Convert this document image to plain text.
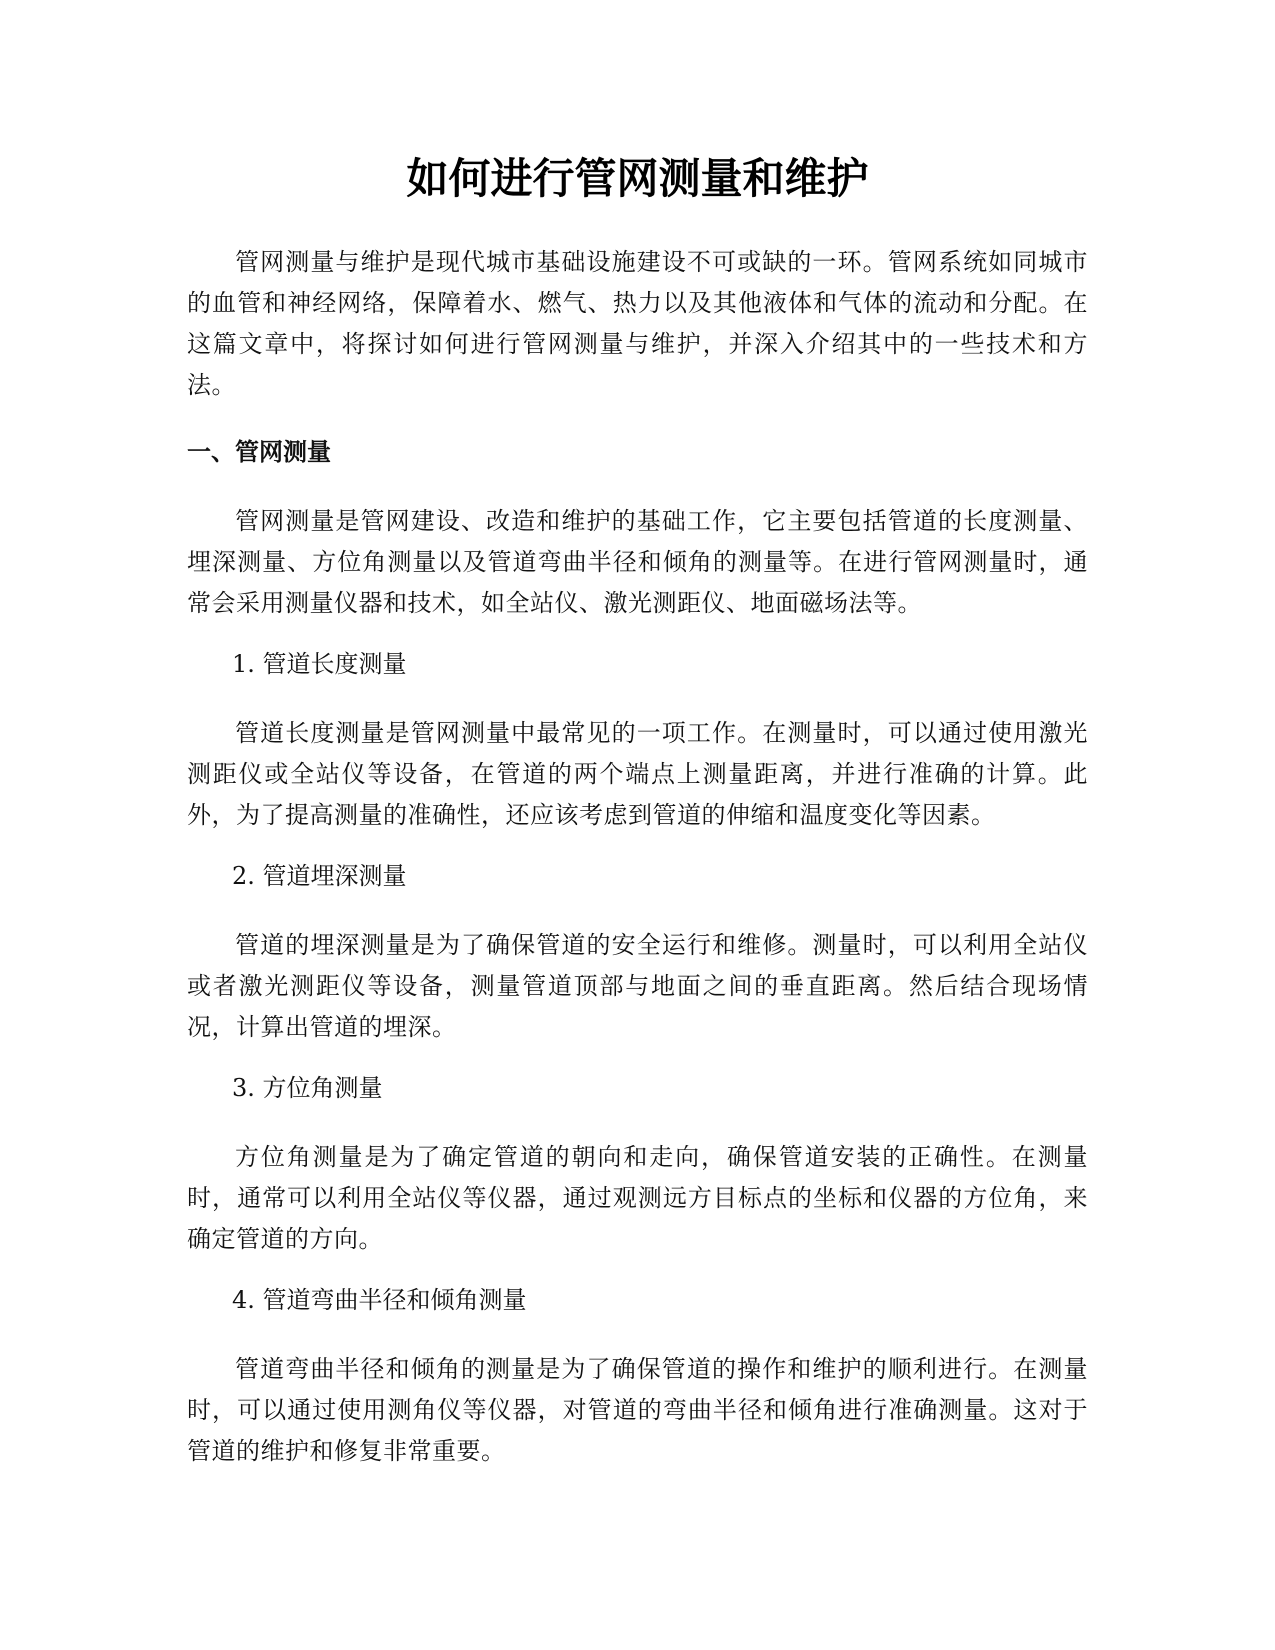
如何进行管网测量和维护

管网测量与维护是现代城市基础设施建设不可或缺的一环。管网系统如同城市的血管和神经网络，保障着水、燃气、热力以及其他液体和气体的流动和分配。在这篇文章中，将探讨如何进行管网测量与维护，并深入介绍其中的一些技术和方法。

一、管网测量

管网测量是管网建设、改造和维护的基础工作，它主要包括管道的长度测量、埋深测量、方位角测量以及管道弯曲半径和倾角的测量等。在进行管网测量时，通常会采用测量仪器和技术，如全站仪、激光测距仪、地面磁场法等。

1. 管道长度测量

管道长度测量是管网测量中最常见的一项工作。在测量时，可以通过使用激光测距仪或全站仪等设备，在管道的两个端点上测量距离，并进行准确的计算。此外，为了提高测量的准确性，还应该考虑到管道的伸缩和温度变化等因素。

2. 管道埋深测量

管道的埋深测量是为了确保管道的安全运行和维修。测量时，可以利用全站仪或者激光测距仪等设备，测量管道顶部与地面之间的垂直距离。然后结合现场情况，计算出管道的埋深。

3. 方位角测量

方位角测量是为了确定管道的朝向和走向，确保管道安装的正确性。在测量时，通常可以利用全站仪等仪器，通过观测远方目标点的坐标和仪器的方位角，来确定管道的方向。

4. 管道弯曲半径和倾角测量

管道弯曲半径和倾角的测量是为了确保管道的操作和维护的顺利进行。在测量时，可以通过使用测角仪等仪器，对管道的弯曲半径和倾角进行准确测量。这对于管道的维护和修复非常重要。
